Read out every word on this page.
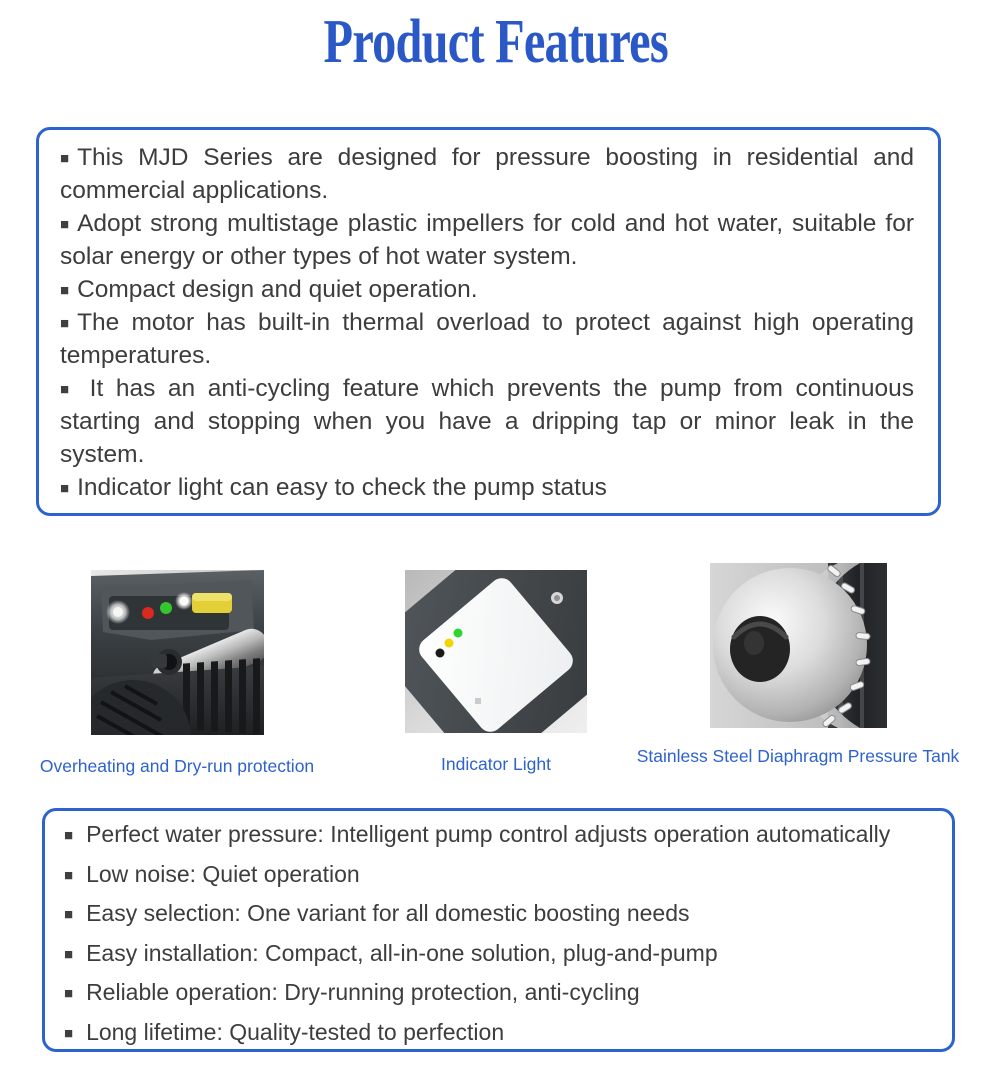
Product Features

■ This MJD Series are designed for pressure boosting in residential and commercial applications.

■ Adopt strong multistage plastic impellers for cold and hot water, suitable for solar energy or other types of hot water system.

■ Compact design and quiet operation.

■ The motor has built-in thermal overload to protect against high operating temperatures.

■ It has an anti-cycling feature which prevents the pump from continuous starting and stopping when you have a dripping tap or minor leak in the system.

■ Indicator light can easy to check the pump status

Overheating and Dry-run protection	Indicator Light	Stainless Steel Diaphragm Pressure Tank
■ Perfect water pressure: Intelligent pump control adjusts operation automatically
■ Low noise: Quiet operation
■ Easy selection: One variant for all domestic boosting needs
■ Easy installation: Compact, all-in-one solution, plug-and-pump
■ Reliable operation: Dry-running protection, anti-cycling
■ Long lifetime: Quality-tested to perfection
